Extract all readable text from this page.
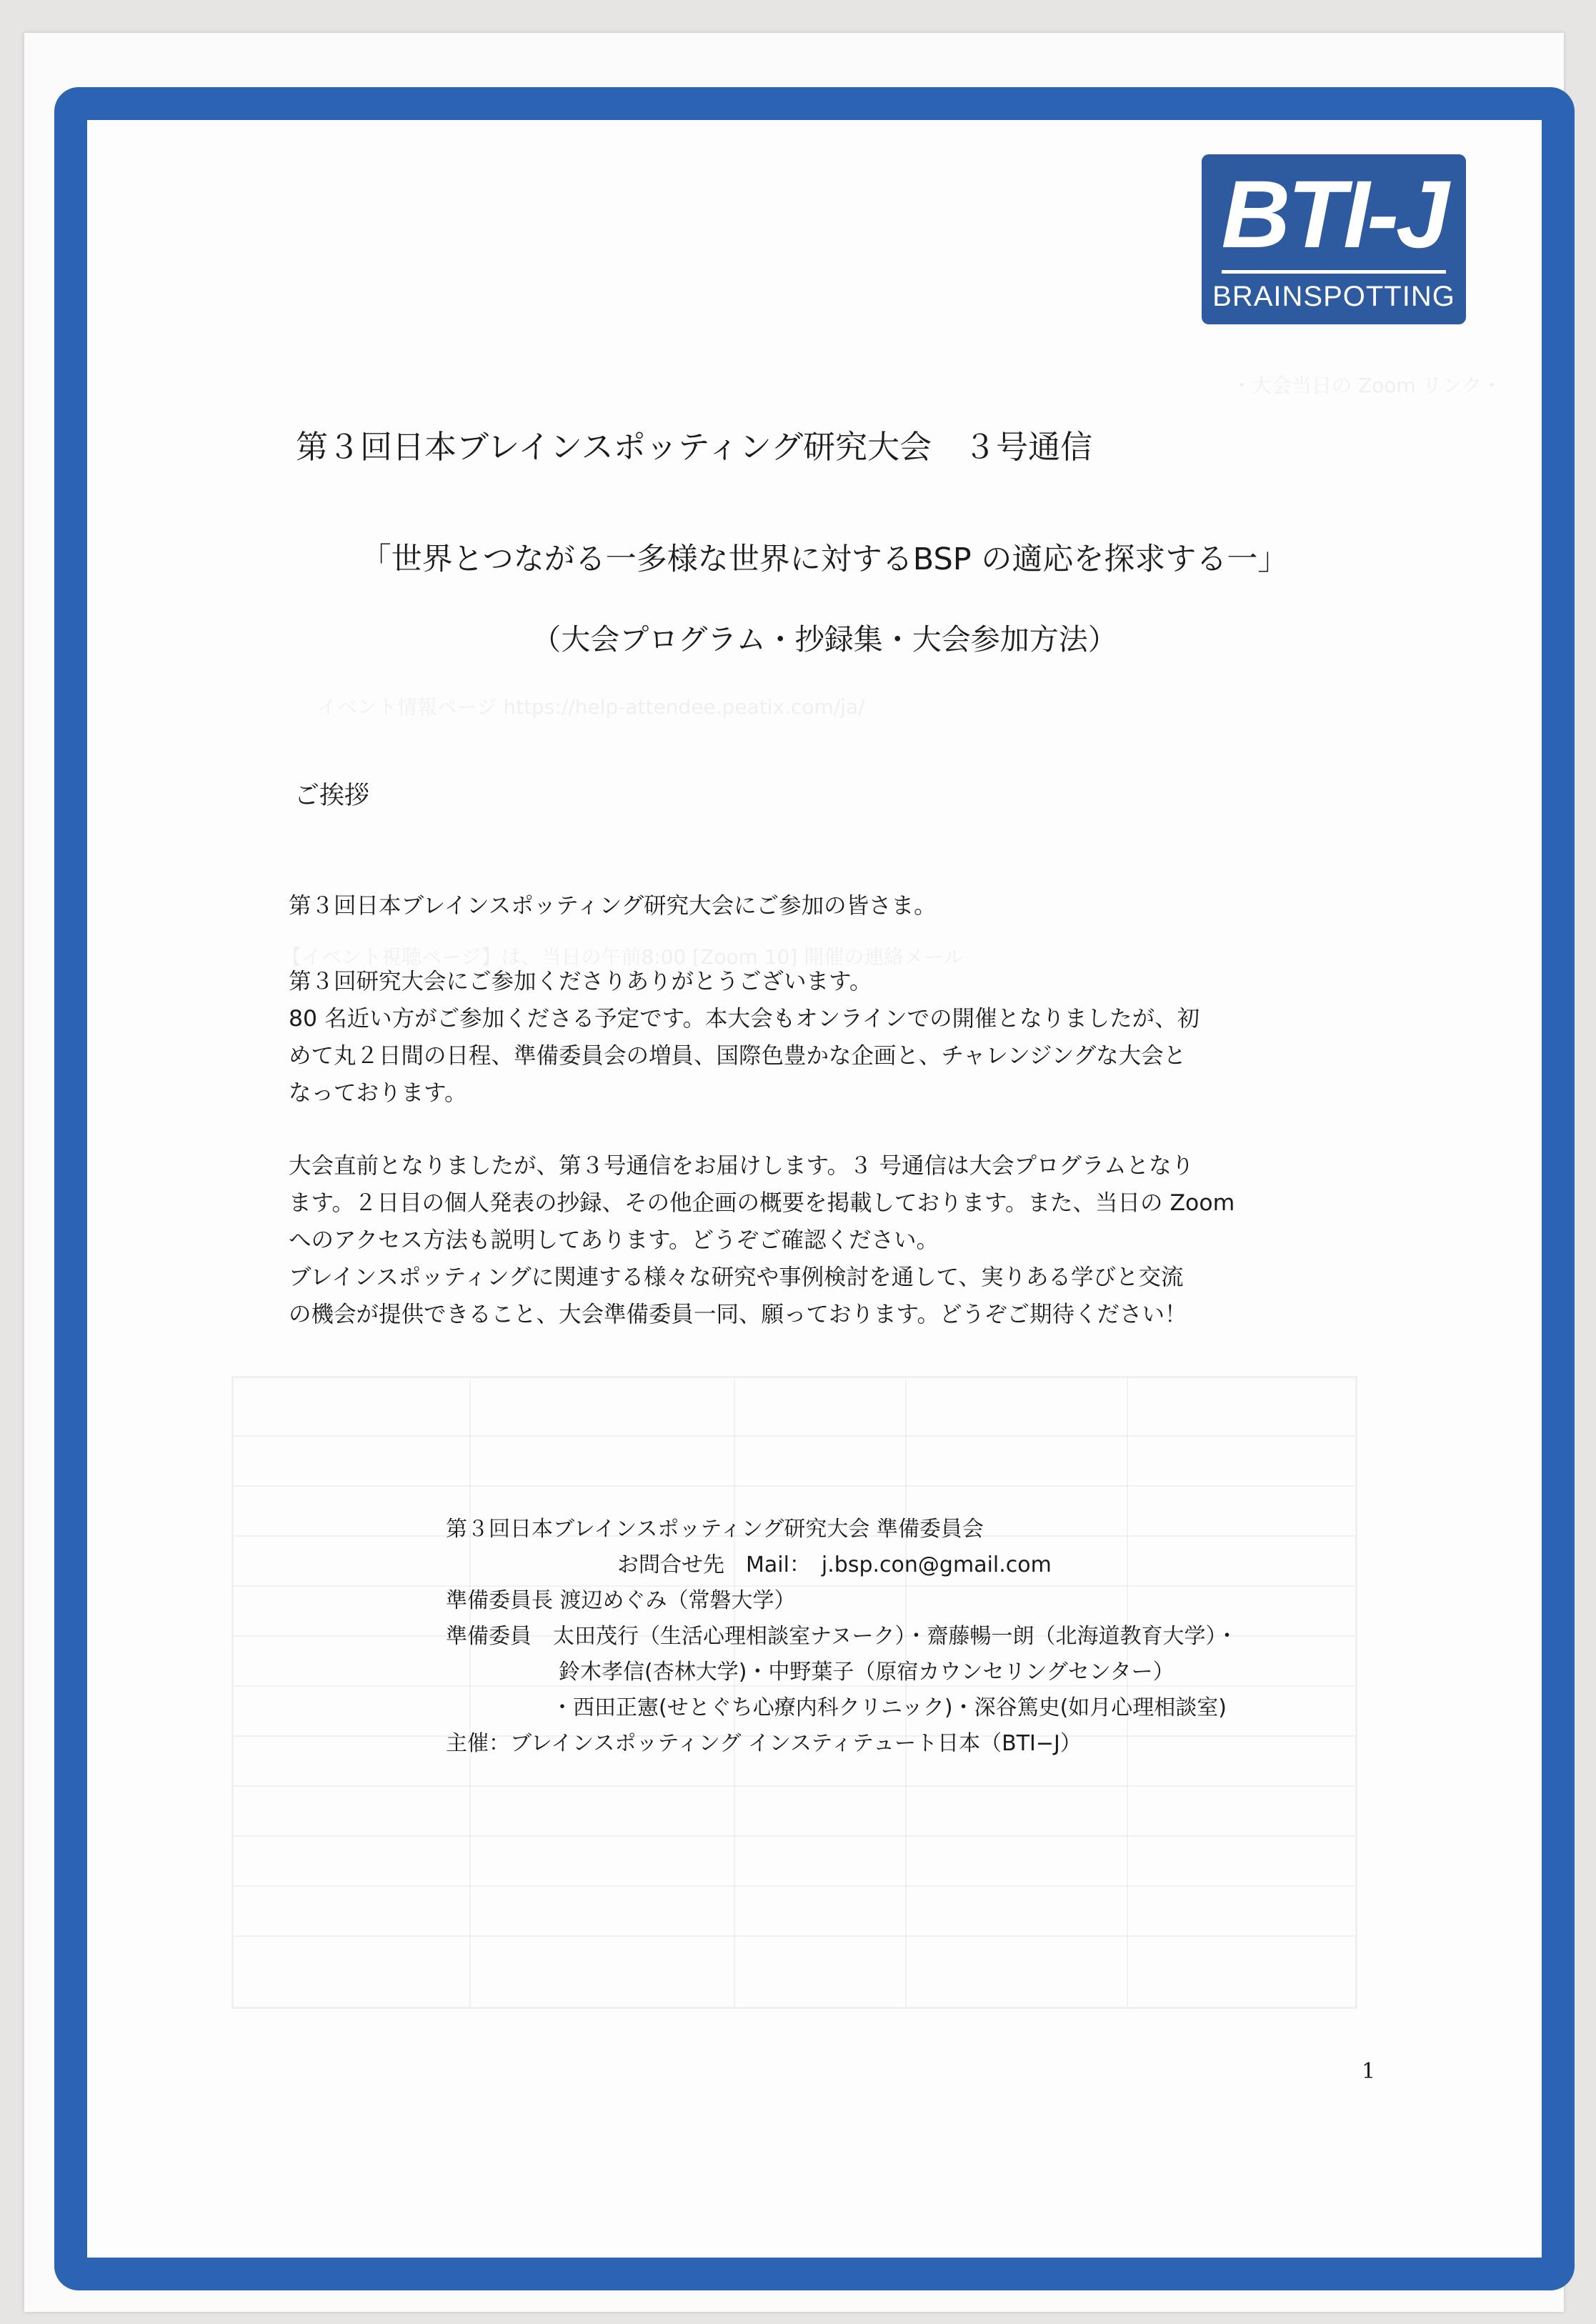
・大会当日の Zoom リンク・
イベント情報ページ https://help-attendee.peatix.com/ja/
【イベント視聴ページ】は、当日の午前8:00 [Zoom 10] 開催の連絡メール
BTI-J
BRAINSPOTTING
第３回日本ブレインスポッティング研究大会　３号通信
「世界とつながる一多様な世界に対するBSP の適応を探求する一」
（大会プログラム・抄録集・大会参加方法）
ご挨拶

第３回日本ブレインスポッティング研究大会にご参加の皆さま。

第３回研究大会にご参加くださりありがとうございます。

80 名近い方がご参加くださる予定です。本大会もオンラインでの開催となりましたが、初

めて丸２日間の日程、準備委員会の増員、国際色豊かな企画と、チャレンジングな大会と

なっております。

大会直前となりましたが、第３号通信をお届けします。３ 号通信は大会プログラムとなり

ます。２日目の個人発表の抄録、その他企画の概要を掲載しております。また、当日の Zoom

へのアクセス方法も説明してあります。どうぞご確認ください。

ブレインスポッティングに関連する様々な研究や事例検討を通して、実りある学びと交流

の機会が提供できること、大会準備委員一同、願っております。どうぞご期待ください！

第３回日本ブレインスポッティング研究大会 準備委員会

お問合せ先　Mail：　j.bsp.con@gmail.com

準備委員長 渡辺めぐみ（常磐大学）

準備委員　太田茂行（生活心理相談室ナヌーク）・齋藤暢一朗（北海道教育大学）・

鈴木孝信(杏林大学)・中野葉子（原宿カウンセリングセンター）

・西田正憲(せとぐち心療内科クリニック)・深谷篤史(如月心理相談室)

主催：ブレインスポッティング インスティテュート日本（BTI−J）

1
